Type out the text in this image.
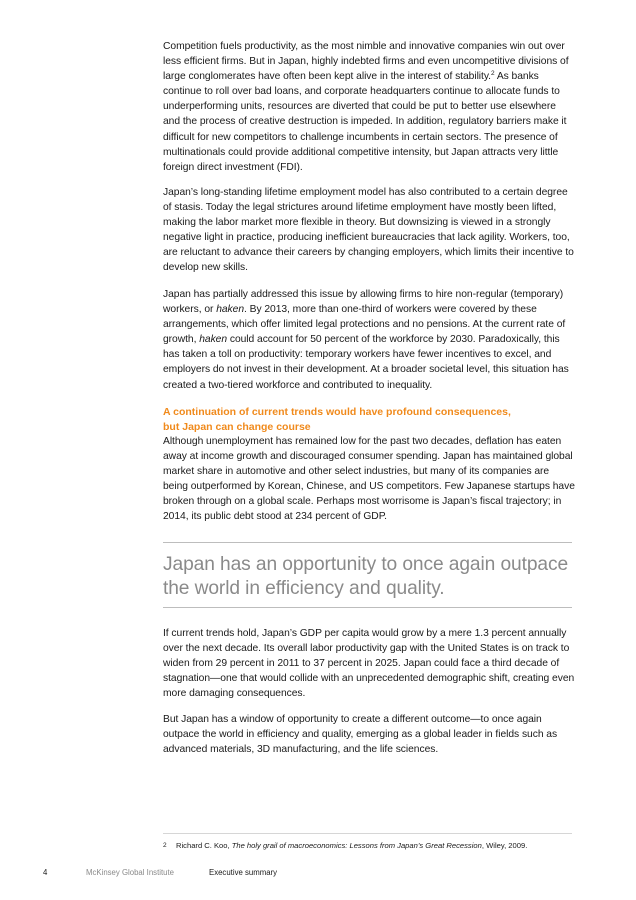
Competition fuels productivity, as the most nimble and innovative companies win out over less efficient firms. But in Japan, highly indebted firms and even uncompetitive divisions of large conglomerates have often been kept alive in the interest of stability.$^2$ As banks continue to roll over bad loans, and corporate headquarters continue to allocate funds to underperforming units, resources are diverted that could be put to better use elsewhere and the process of creative destruction is impeded. In addition, regulatory barriers make it difficult for new competitors to challenge incumbents in certain sectors. The presence of multinationals could provide additional competitive intensity, but Japan attracts very little foreign direct investment (FDI).

Japan’s long-standing lifetime employment model has also contributed to a certain degree of stasis. Today the legal strictures around lifetime employment have mostly been lifted, making the labor market more flexible in theory. But downsizing is viewed in a strongly negative light in practice, producing inefficient bureaucracies that lack agility. Workers, too, are reluctant to advance their careers by changing employers, which limits their incentive to develop new skills.

Japan has partially addressed this issue by allowing firms to hire non-regular (temporary) workers, or haken. By 2013, more than one-third of workers were covered by these arrangements, which offer limited legal protections and no pensions. At the current rate of growth, haken could account for 50 percent of the workforce by 2030. Paradoxically, this has taken a toll on productivity: temporary workers have fewer incentives to excel, and employers do not invest in their development. At a broader societal level, this situation has created a two-tiered workforce and contributed to inequality.

A continuation of current trends would have profound consequences,
but Japan can change course

Although unemployment has remained low for the past two decades, deflation has eaten away at income growth and discouraged consumer spending. Japan has maintained global market share in automotive and other select industries, but many of its companies are being outperformed by Korean, Chinese, and US competitors. Few Japanese startups have broken through on a global scale. Perhaps most worrisome is Japan’s fiscal trajectory; in 2014, its public debt stood at 234 percent of GDP.

Japan has an opportunity to once again outpace the world in efficiency and quality.

If current trends hold, Japan’s GDP per capita would grow by a mere 1.3 percent annually over the next decade. Its overall labor productivity gap with the United States is on track to widen from 29 percent in 2011 to 37 percent in 2025. Japan could face a third decade of stagnation—one that would collide with an unprecedented demographic shift, creating even more damaging consequences.

But Japan has a window of opportunity to create a different outcome—to once again outpace the world in efficiency and quality, emerging as a global leader in fields such as advanced materials, 3D manufacturing, and the life sciences.

2 Richard C. Koo, The holy grail of macroeconomics: Lessons from Japan’s Great Recession, Wiley, 2009.

4	McKinsey Global Institute	Executive summary
